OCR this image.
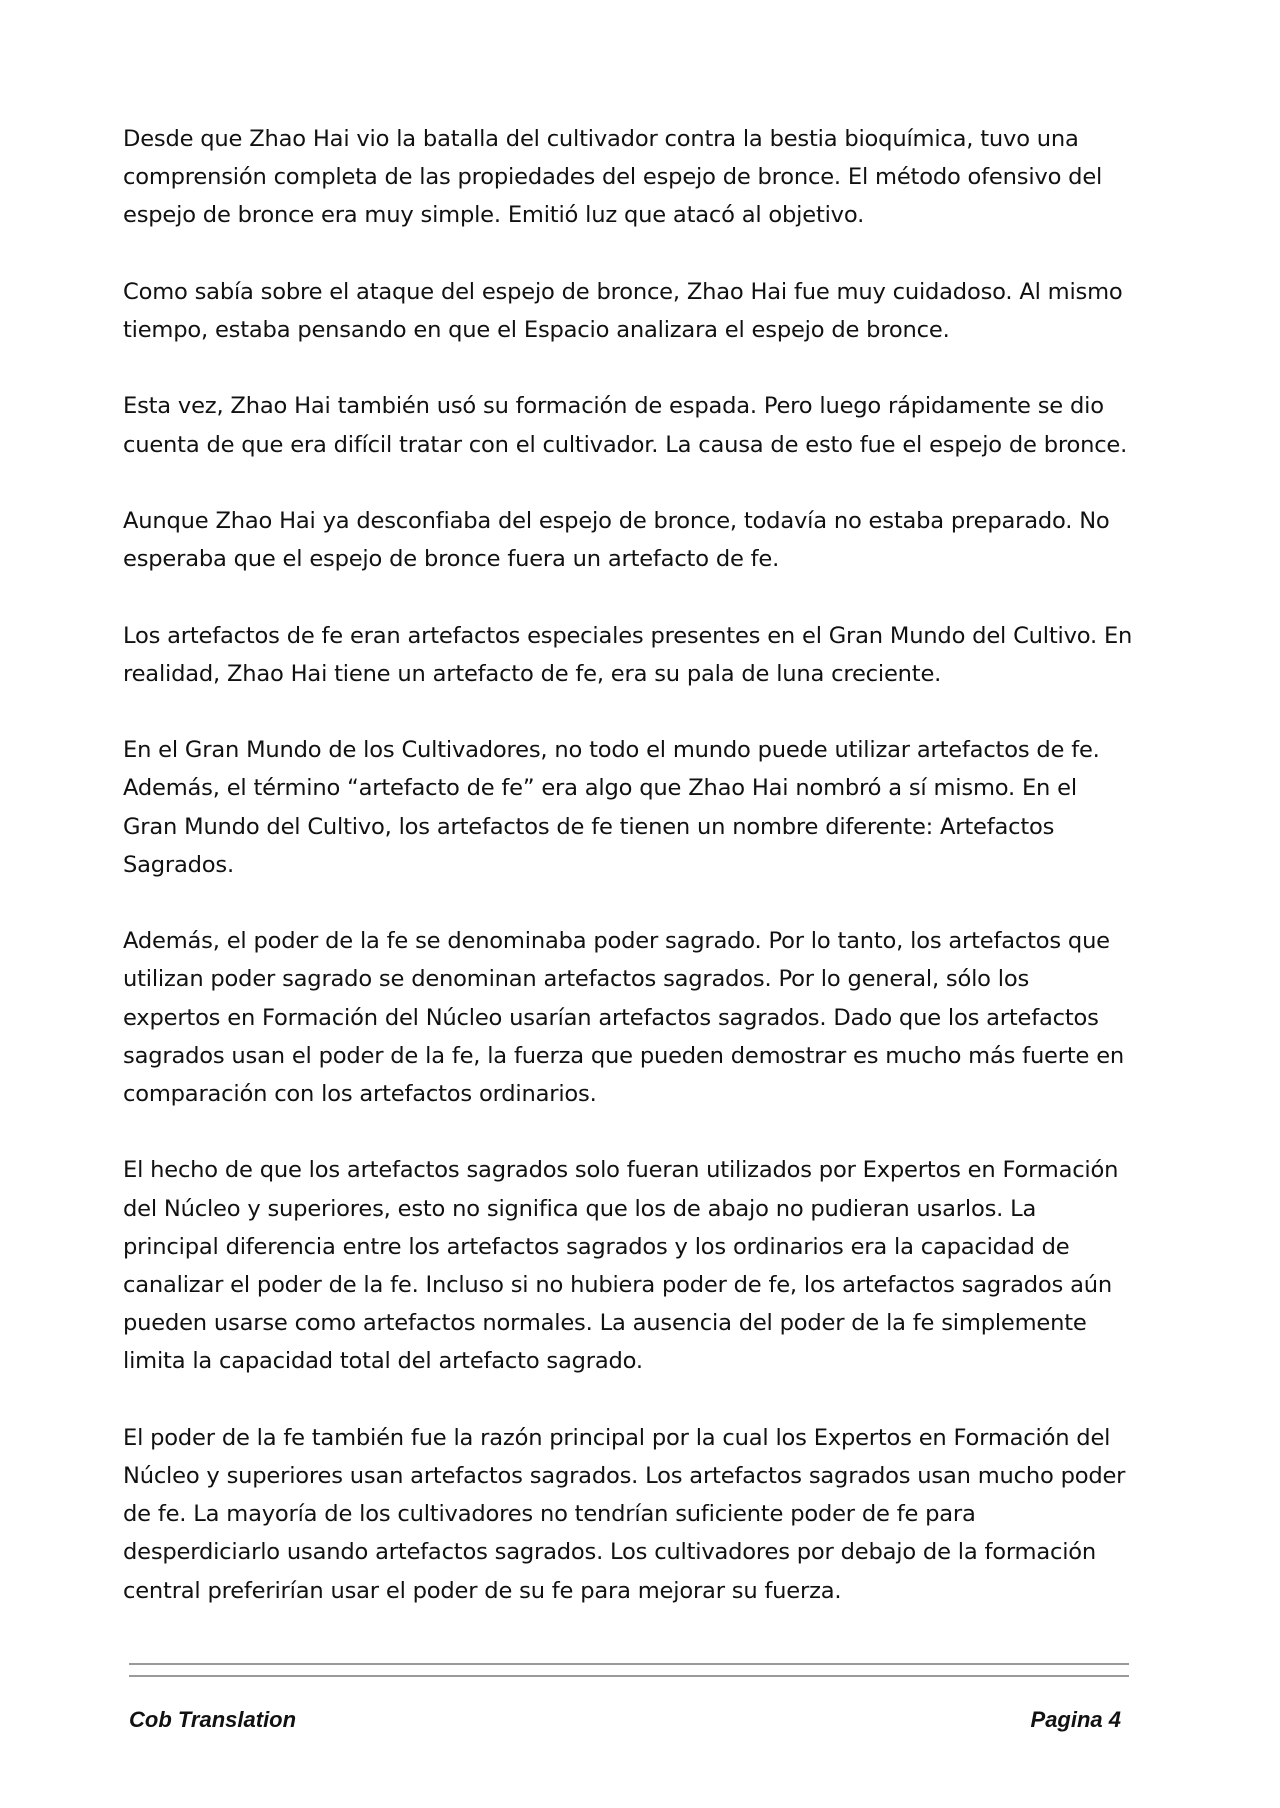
Desde que Zhao Hai vio la batalla del cultivador contra la bestia bioquímica, tuvo una comprensión completa de las propiedades del espejo de bronce. El método ofensivo del espejo de bronce era muy simple. Emitió luz que atacó al objetivo.

Como sabía sobre el ataque del espejo de bronce, Zhao Hai fue muy cuidadoso. Al mismo tiempo, estaba pensando en que el Espacio analizara el espejo de bronce.

Esta vez, Zhao Hai también usó su formación de espada. Pero luego rápidamente se dio cuenta de que era difícil tratar con el cultivador. La causa de esto fue el espejo de bronce.

Aunque Zhao Hai ya desconfiaba del espejo de bronce, todavía no estaba preparado. No esperaba que el espejo de bronce fuera un artefacto de fe.

Los artefactos de fe eran artefactos especiales presentes en el Gran Mundo del Cultivo. En realidad, Zhao Hai tiene un artefacto de fe, era su pala de luna creciente.

En el Gran Mundo de los Cultivadores, no todo el mundo puede utilizar artefactos de fe. Además, el término “artefacto de fe” era algo que Zhao Hai nombró a sí mismo. En el Gran Mundo del Cultivo, los artefactos de fe tienen un nombre diferente: Artefactos Sagrados.

Además, el poder de la fe se denominaba poder sagrado. Por lo tanto, los artefactos que utilizan poder sagrado se denominan artefactos sagrados. Por lo general, sólo los expertos en Formación del Núcleo usarían artefactos sagrados. Dado que los artefactos sagrados usan el poder de la fe, la fuerza que pueden demostrar es mucho más fuerte en comparación con los artefactos ordinarios.

El hecho de que los artefactos sagrados solo fueran utilizados por Expertos en Formación del Núcleo y superiores, esto no significa que los de abajo no pudieran usarlos. La principal diferencia entre los artefactos sagrados y los ordinarios era la capacidad de canalizar el poder de la fe. Incluso si no hubiera poder de fe, los artefactos sagrados aún pueden usarse como artefactos normales. La ausencia del poder de la fe simplemente limita la capacidad total del artefacto sagrado.

El poder de la fe también fue la razón principal por la cual los Expertos en Formación del Núcleo y superiores usan artefactos sagrados. Los artefactos sagrados usan mucho poder de fe. La mayoría de los cultivadores no tendrían suficiente poder de fe para desperdiciarlo usando artefactos sagrados. Los cultivadores por debajo de la formación central preferirían usar el poder de su fe para mejorar su fuerza.

Cob Translation	Pagina 4
